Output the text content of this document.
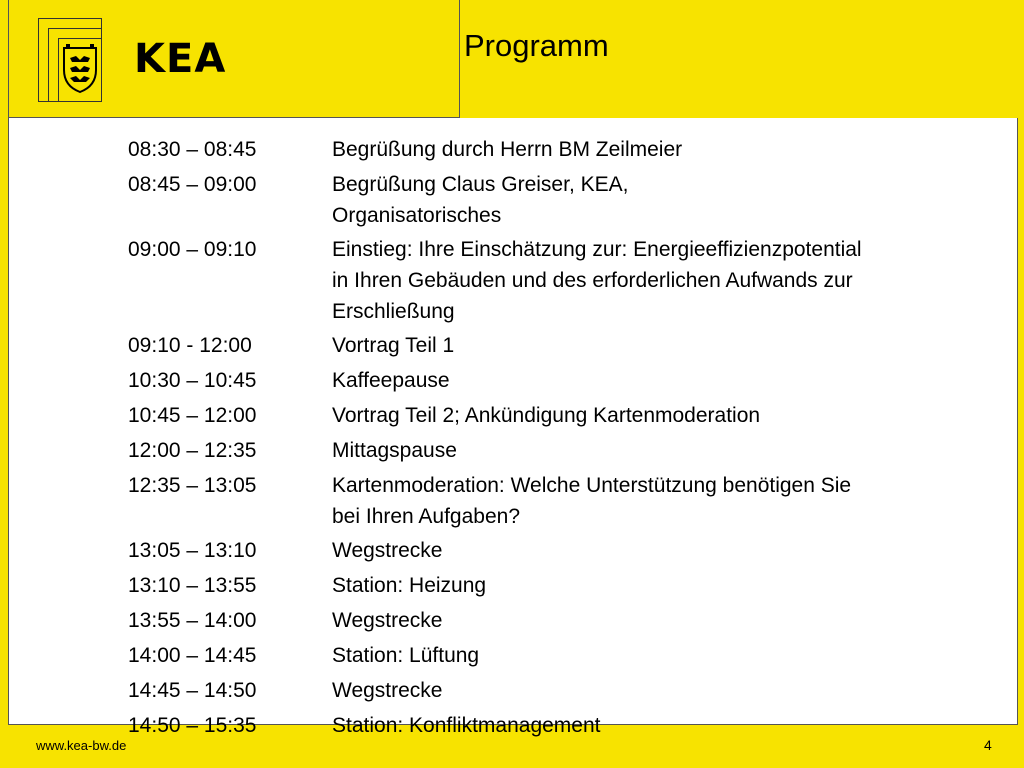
KEA	Programm
08:30 – 08:45	Begrüßung durch Herrn BM Zeilmeier
08:45 – 09:00	Begrüßung Claus Greiser, KEA,
Organisatorisches
09:00 – 09:10	Einstieg: Ihre Einschätzung zur: Energieeffizienzpotential
in Ihren Gebäuden und des erforderlichen Aufwands zur
Erschließung
09:10 - 12:00	Vortrag Teil 1
10:30 – 10:45	Kaffeepause
10:45 – 12:00	Vortrag Teil 2; Ankündigung Kartenmoderation
12:00 – 12:35	Mittagspause
12:35 – 13:05	Kartenmoderation: Welche Unterstützung benötigen Sie
bei Ihren Aufgaben?
13:05 – 13:10	Wegstrecke
13:10 – 13:55	Station: Heizung
13:55 – 14:00	Wegstrecke
14:00 – 14:45	Station: Lüftung
14:45 – 14:50	Wegstrecke
14:50 – 15:35	Station: Konfliktmanagement
www.kea-bw.de	4
